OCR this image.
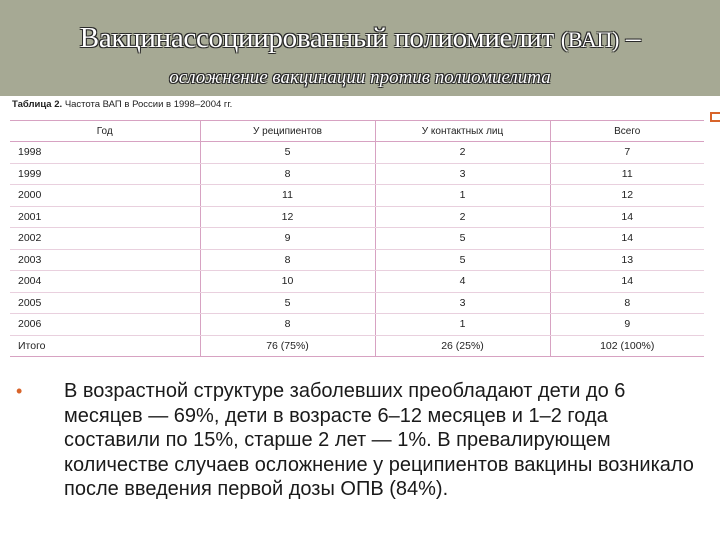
Вакцинассоциированный полиомиелит (ВАП) –
осложнение вакцинации против полиомиелита
Таблица 2. Частота ВАП в России в 1998–2004 гг.
Год	У реципиентов	У контактных лиц	Всего
1998	5	2	7
1999	8	3	11
2000	11	1	12
2001	12	2	14
2002	9	5	14
2003	8	5	13
2004	10	4	14
2005	5	3	8
2006	8	1	9
Итого	76 (75%)	26 (25%)	102 (100%)
•	В возрастной структуре заболевших преобладают дети до 6 месяцев — 69%, дети в возрасте 6–12 месяцев и 1–2 года составили по 15%, старше 2 лет — 1%. В превалирующем количестве случаев осложнение у реципиентов вакцины возникало после введения первой дозы ОПВ (84%).
